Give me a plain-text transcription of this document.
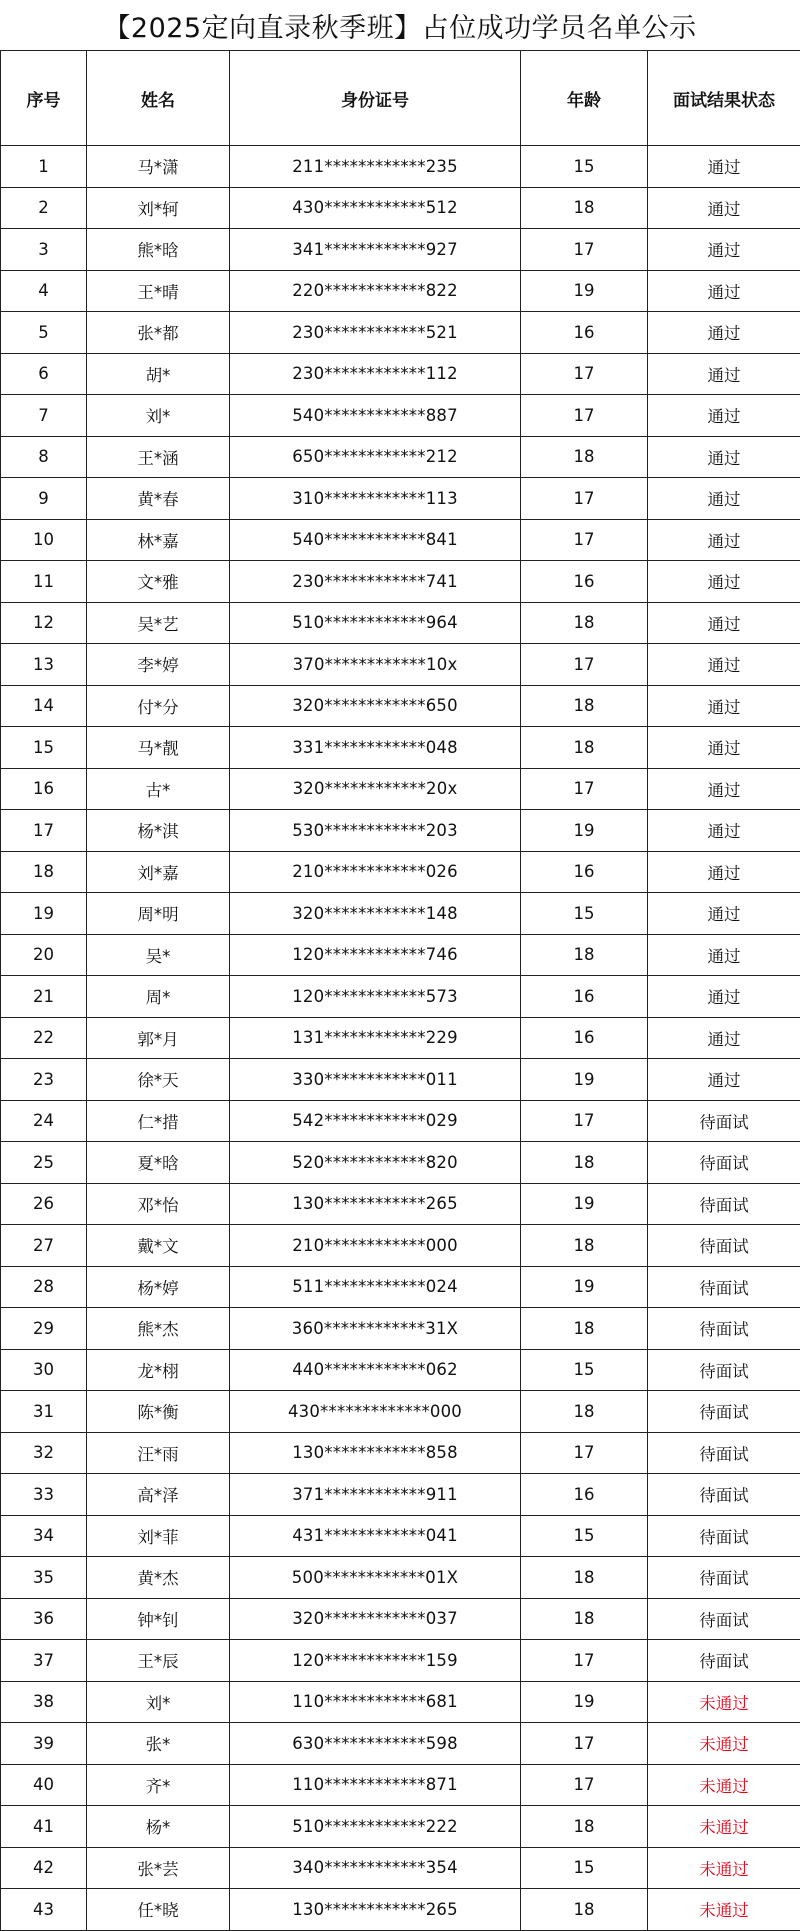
【2025定向直录秋季班】占位成功学员名单公示
序号	姓名	身份证号	年龄	面试结果状态
1	马*潇	211************235	15	通过
2	刘*轲	430************512	18	通过
3	熊*晗	341************927	17	通过
4	王*晴	220************822	19	通过
5	张*都	230************521	16	通过
6	胡*	230************112	17	通过
7	刘*	540************887	17	通过
8	王*涵	650************212	18	通过
9	黄*春	310************113	17	通过
10	林*嘉	540************841	17	通过
11	文*雅	230************741	16	通过
12	吴*艺	510************964	18	通过
13	李*婷	370************10x	17	通过
14	付*分	320************650	18	通过
15	马*靓	331************048	18	通过
16	古*	320************20x	17	通过
17	杨*淇	530************203	19	通过
18	刘*嘉	210************026	16	通过
19	周*明	320************148	15	通过
20	吴*	120************746	18	通过
21	周*	120************573	16	通过
22	郭*月	131************229	16	通过
23	徐*天	330************011	19	通过
24	仁*措	542************029	17	待面试
25	夏*晗	520************820	18	待面试
26	邓*怡	130************265	19	待面试
27	戴*文	210************000	18	待面试
28	杨*婷	511************024	19	待面试
29	熊*杰	360************31X	18	待面试
30	龙*栩	440************062	15	待面试
31	陈*衡	430*************000	18	待面试
32	汪*雨	130************858	17	待面试
33	高*泽	371************911	16	待面试
34	刘*菲	431************041	15	待面试
35	黄*杰	500************01X	18	待面试
36	钟*钊	320************037	18	待面试
37	王*辰	120************159	17	待面试
38	刘*	110************681	19	未通过
39	张*	630************598	17	未通过
40	齐*	110************871	17	未通过
41	杨*	510************222	18	未通过
42	张*芸	340************354	15	未通过
43	任*晓	130************265	18	未通过
